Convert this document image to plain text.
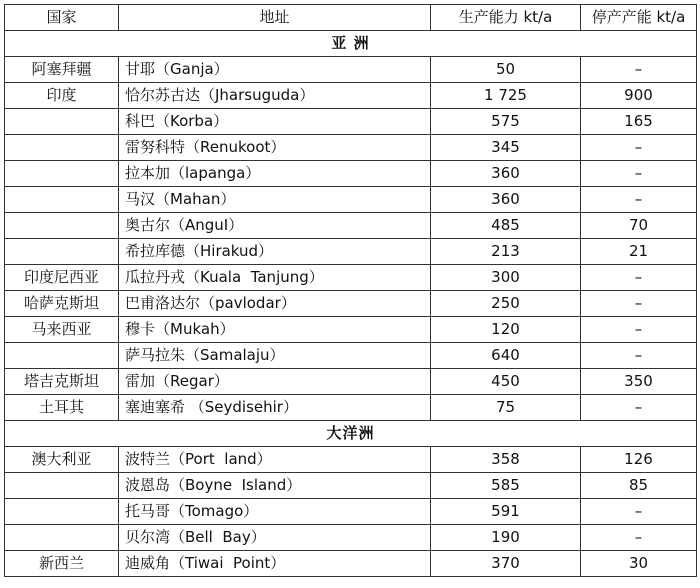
国家	地址	生产能力 kt/a	停产产能 kt/a
亚 洲			
阿塞拜疆	甘耶（Ganja）	50	–
印度	恰尔苏古达（Jharsuguda）	1 725	900
	科巴（Korba）	575	165
	雷努科特（Renukoot）	345	–
	拉本加（lapanga）	360	–
	马汉（Mahan）	360	–
	奥古尔（AnguI）	485	70
	希拉库德（Hirakud）	213	21
印度尼西亚	瓜拉丹戎（Kuala  Tanjung）	300	–
哈萨克斯坦	巴甫洛达尔（pavlodar）	250	–
马来西亚	穆卡（Mukah）	120	–
	萨马拉朱（Samalaju）	640	–
塔吉克斯坦	雷加（Regar）	450	350
土耳其	塞迪塞希 （Seydisehir）	75	–
大洋洲			
澳大利亚	波特兰（Port  land）	358	126
	波恩岛（Boyne  Island）	585	85
	托马哥（Tomago）	591	–
	贝尔湾（Bell  Bay）	190	–
新西兰	迪威角（Tiwai  Point）	370	30
